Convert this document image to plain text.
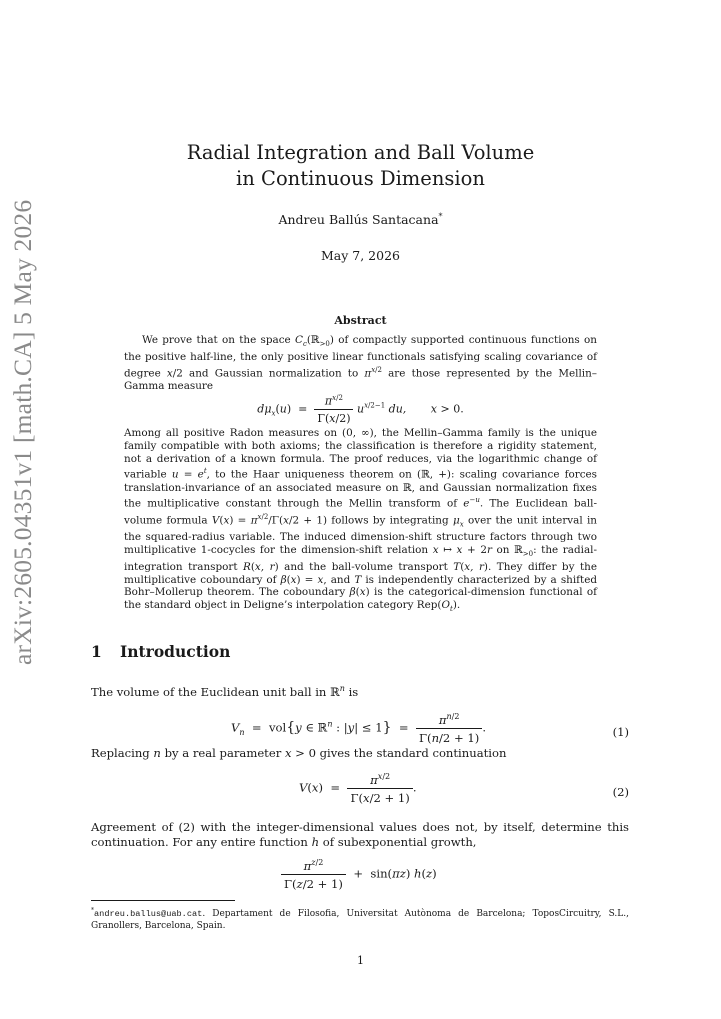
arXiv:2605.04351v1 [math.CA] 5 May 2026
Radial Integration and Ball Volume
in Continuous Dimension
Andreu Ballús Santacana*
May 7, 2026
Abstract
We prove that on the space $C_c(ℝ_{>0})$ of compactly supported continuous functions on the positive half-line, the only positive linear functionals satisfying scaling covariance of degree x/2 and Gaussian normalization to $\pi^{x/2}$ are those represented by the Mellin–Gamma measure
$d\mu_x(u) = \frac{\pi^{x/2}}{\Gamma(x/2)} u^{x/2-1}$ du, x > 0.
Among all positive Radon measures on (0, ∞), the Mellin–Gamma family is the unique family compatible with both axioms; the classification is therefore a rigidity statement, not a derivation of a known formula. The proof reduces, via the logarithmic change of variable $u = e^t$, to the Haar uniqueness theorem on (ℝ, +): scaling covariance forces translation-invariance of an associated measure on ℝ, and Gaussian normalization fixes the multiplicative constant through the Mellin transform of $e^{-u}$. The Euclidean ball-volume formula $V(x) = \pi^{x/2}/\Gamma(x/2 + 1)$ follows by integrating $\mu_x$ over the unit interval in the squared-radius variable. The induced dimension-shift structure factors through two multiplicative 1-cocycles for the dimension-shift relation x ↦ x + 2r on ℝ$_{>0}$: the radial-integration transport R(x, r) and the ball-volume transport T(x, r). They differ by the multiplicative coboundary of β(x) = x, and T is independently characterized by a shifted Bohr–Mollerup theorem. The coboundary β(x) is the categorical-dimension functional of the standard object in Deligne’s interpolation category $Rep(O_t)$.
1 Introduction
The volume of the Euclidean unit ball in ℝ$^n$ is
$V_n = vol\{y$ ∈ ℝ$^n$ : $|y| \le 1\} = \frac{\pi^{n/2}}{\Gamma(n/2 + 1)}$ .	(1)
Replacing n by a real parameter x > 0 gives the standard continuation
$V(x) = \frac{\pi^{x/2}}{\Gamma(x/2 + 1)}$ .	(2)
Agreement of (2) with the integer-dimensional values does not, by itself, determine this continuation. For any entire function h of subexponential growth,
$\frac{\pi^{z/2}}{\Gamma(z/2 + 1)} + \sin(\pi z)$ h(z)
*andreu.ballus@uab.cat. Departament de Filosofia, Universitat Autònoma de Barcelona; ToposCircuitry, S.L., Granollers, Barcelona, Spain.
1
